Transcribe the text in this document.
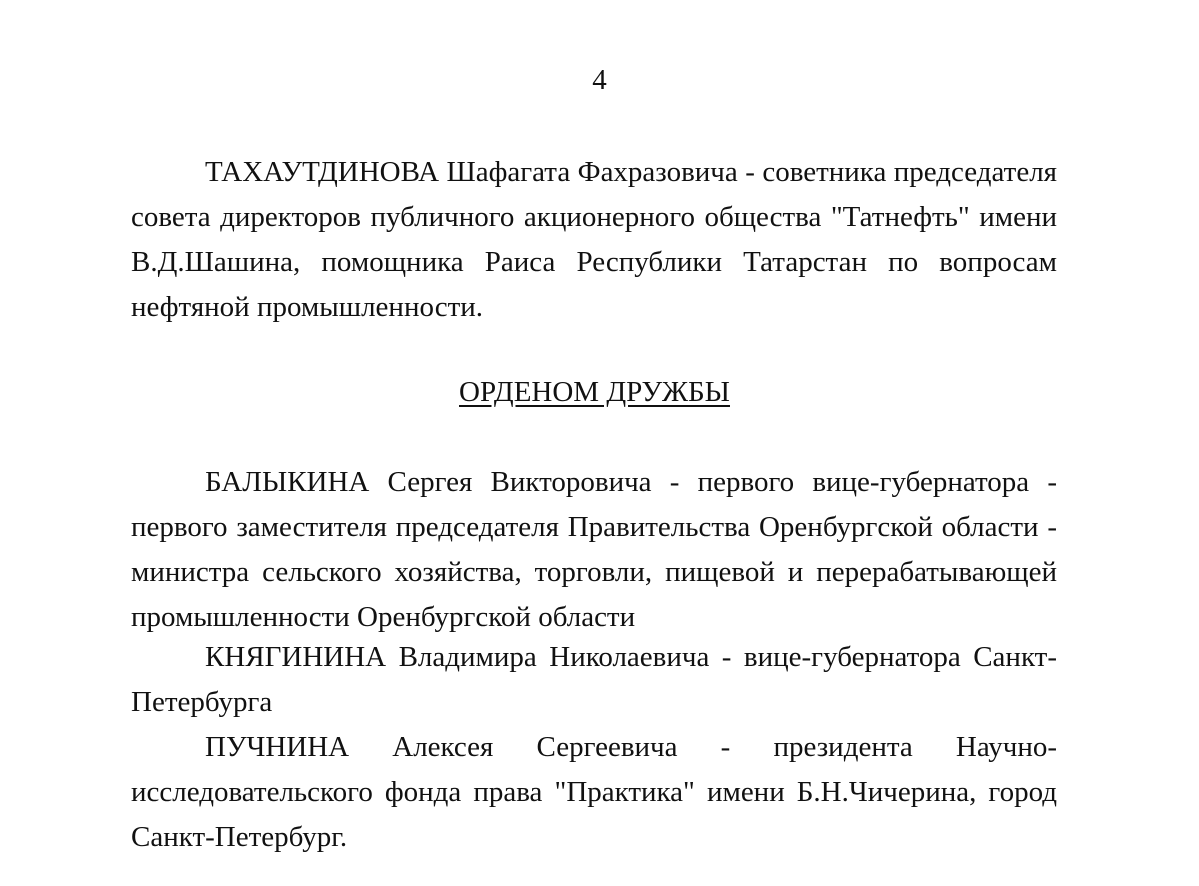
4

ТАХАУТДИНОВА Шафагата Фахразовича - советника председателя совета директоров публичного акционерного общества "Татнефть" имени В.Д.Шашина, помощника Раиса Республики Татарстан по вопросам нефтяной промышленности.

ОРДЕНОМ ДРУЖБЫ

БАЛЫКИНА Сергея Викторовича - первого вице-губернатора - первого заместителя председателя Правительства Оренбургской области - министра сельского хозяйства, торговли, пищевой и перерабатывающей промышленности Оренбургской области

КНЯГИНИНА Владимира Николаевича - вице-губернатора Санкт-Петербурга

ПУЧНИНА Алексея Сергеевича - президента Научно-исследовательского фонда права "Практика" имени Б.Н.Чичерина, город Санкт-Петербург.
